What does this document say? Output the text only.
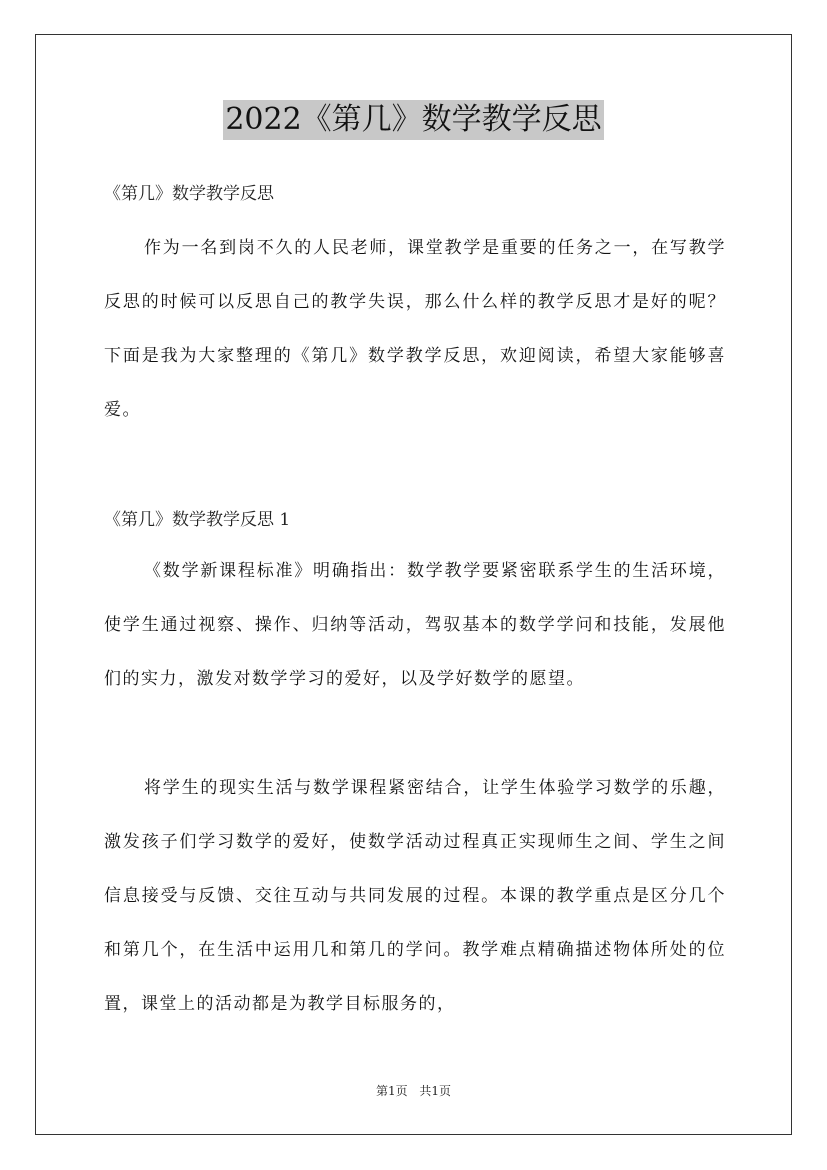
2022《第几》数学教学反思
《第几》数学教学反思

作为一名到岗不久的人民老师，课堂教学是重要的任务之一，在写教学反思的时候可以反思自己的教学失误，那么什么样的教学反思才是好的呢？下面是我为大家整理的《第几》数学教学反思，欢迎阅读，希望大家能够喜爱。

《第几》数学教学反思 1

《数学新课程标准》明确指出：数学教学要紧密联系学生的生活环境，使学生通过视察、操作、归纳等活动，驾驭基本的数学学问和技能，发展他们的实力，激发对数学学习的爱好，以及学好数学的愿望。

将学生的现实生活与数学课程紧密结合，让学生体验学习数学的乐趣，激发孩子们学习数学的爱好，使数学活动过程真正实现师生之间、学生之间信息接受与反馈、交往互动与共同发展的过程。本课的教学重点是区分几个和第几个，在生活中运用几和第几的学问。教学难点精确描述物体所处的位置，课堂上的活动都是为教学目标服务的，

第1页 共1页
